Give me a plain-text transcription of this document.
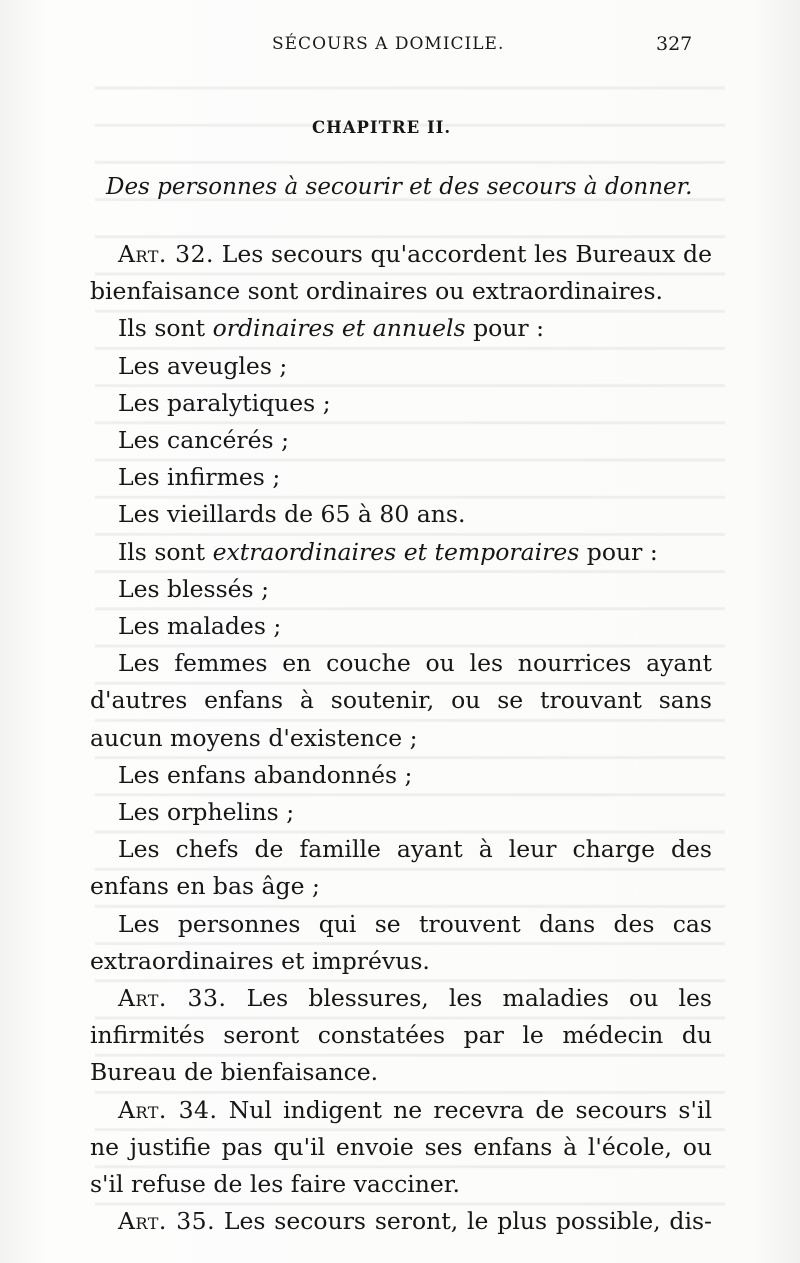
SÉCOURS A DOMICILE.	327
CHAPITRE II.
Des personnes à secourir et des secours à donner.

Art. 32. Les secours qu'accordent les Bureaux de bienfaisance sont ordinaires ou extraordinaires.

Ils sont ordinaires et annuels pour :

Les aveugles ;

Les paralytiques ;

Les cancérés ;

Les infirmes ;

Les vieillards de 65 à 80 ans.

Ils sont extraordinaires et temporaires pour :

Les blessés ;

Les malades ;

Les femmes en couche ou les nourrices ayant d'autres enfans à soutenir, ou se trouvant sans aucun moyens d'existence ;

Les enfans abandonnés ;

Les orphelins ;

Les chefs de famille ayant à leur charge des enfans en bas âge ;

Les personnes qui se trouvent dans des cas extraordinaires et imprévus.

Art. 33. Les blessures, les maladies ou les infirmités seront constatées par le médecin du Bureau de bienfaisance.

Art. 34. Nul indigent ne recevra de secours s'il ne justifie pas qu'il envoie ses enfans à l'école, ou s'il refuse de les faire vacciner.

Art. 35. Les secours seront, le plus possible, dis-
